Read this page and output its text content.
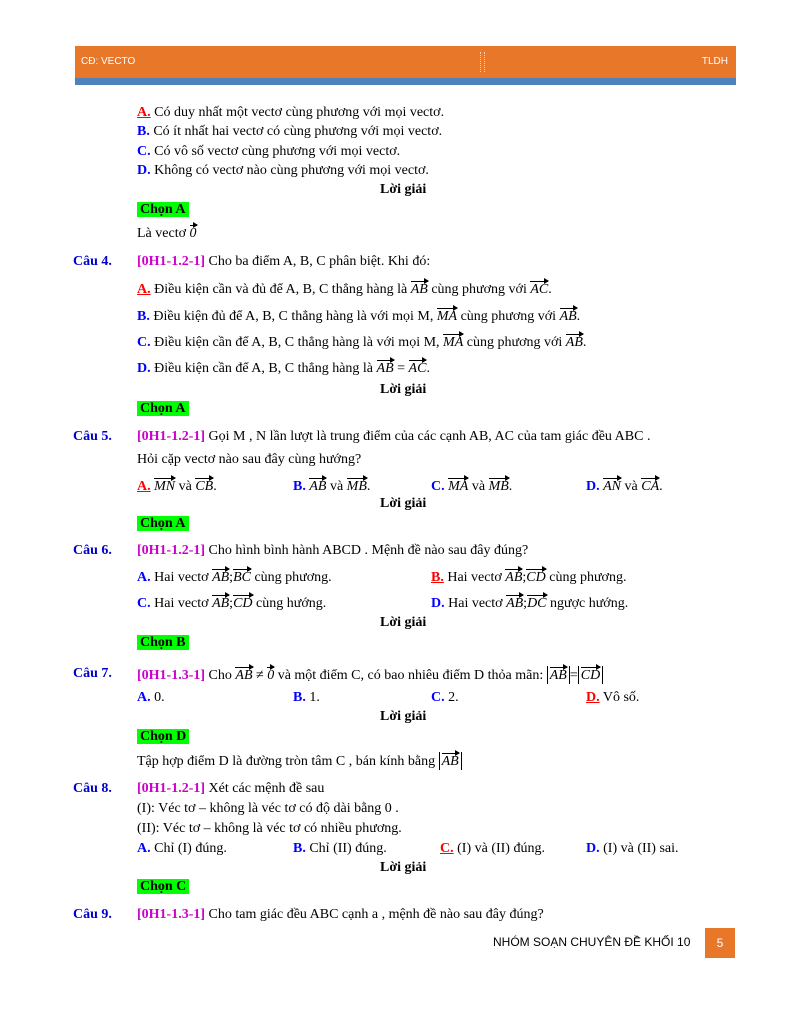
CĐ: VECTO	TLDH
A. Có duy nhất một vectơ cùng phương với mọi vectơ.
B. Có ít nhất hai vectơ có cùng phương với mọi vectơ.
C. Có vô số vectơ cùng phương với mọi vectơ.
D. Không có vectơ nào cùng phương với mọi vectơ.
Lời giải
Chọn A
Là vectơ 0
Câu 4. [0H1-1.2-1] Cho ba điểm A, B, C phân biệt. Khi đó:
A. Điều kiện cần và đủ để A, B, C thẳng hàng là AB cùng phương với AC.
B. Điều kiện đủ để A, B, C thẳng hàng là với mọi M, MA cùng phương với AB.
C. Điều kiện cần để A, B, C thẳng hàng là với mọi M, MA cùng phương với AB.
D. Điều kiện cần để A, B, C thẳng hàng là AB = AC.
Lời giải
Chọn A
Câu 5. [0H1-1.2-1] Gọi M , N lần lượt là trung điểm của các cạnh AB, AC của tam giác đều ABC .
Hỏi cặp vectơ nào sau đây cùng hướng?
A. MN và CB.	B. AB và MB.	C. MA và MB.	D. AN và CA.
Lời giải
Chọn A
Câu 6. [0H1-1.2-1] Cho hình bình hành ABCD . Mệnh đề nào sau đây đúng?
A. Hai vectơ AB;BC cùng phương.	B. Hai vectơ AB;CD cùng phương.
C. Hai vectơ AB;CD cùng hướng.	D. Hai vectơ AB;DC ngược hướng.
Lời giải
Chọn B
Câu 7. [0H1-1.3-1] Cho AB ≠ 0 và một điểm C, có bao nhiêu điểm D thỏa mãn: AB = CD
A. 0.	B. 1.	C. 2.	D. Vô số.
Lời giải
Chọn D
Tập hợp điểm D là đường tròn tâm C , bán kính bằng AB
Câu 8. [0H1-1.2-1] Xét các mệnh đề sau
(I): Véc tơ – không là véc tơ có độ dài bằng 0 .
(II): Véc tơ – không là véc tơ có nhiều phương.
A. Chỉ (I) đúng.	B. Chỉ (II) đúng.	C. (I) và (II) đúng.	D. (I) và (II) sai.
Lời giải
Chọn C
Câu 9. [0H1-1.3-1] Cho tam giác đều ABC cạnh a , mệnh đề nào sau đây đúng?
NHÓM SOẠN CHUYÊN ĐỀ KHỐI 10	5
